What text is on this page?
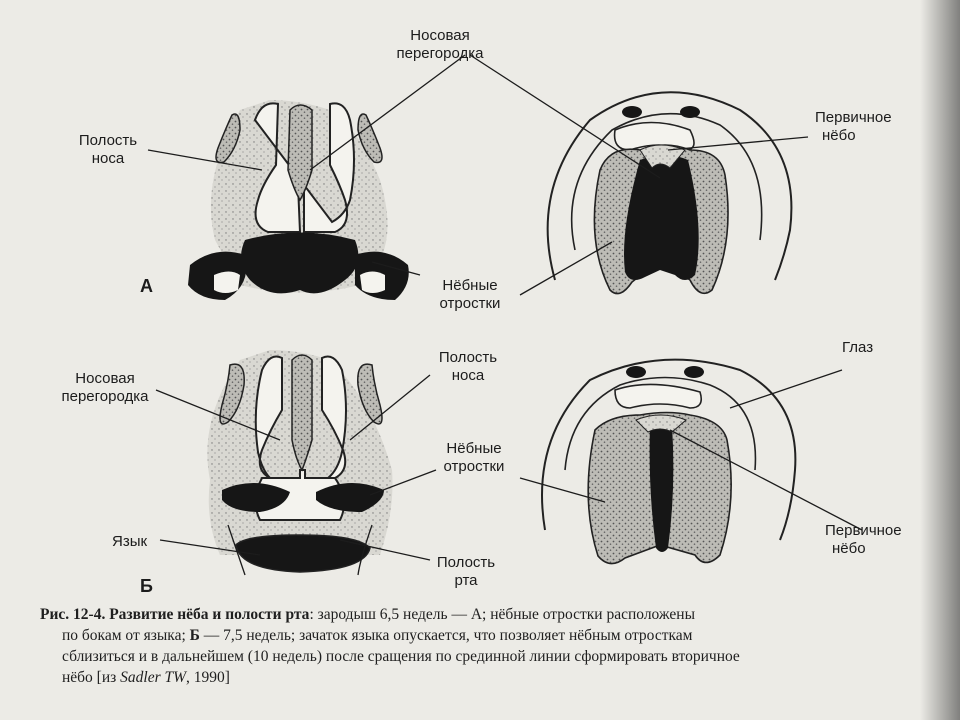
Носовая перегородка
Полость носа
Первичное нёбо
Нёбные отростки
А
Носовая перегородка
Полость носа
Глаз
Нёбные отростки
Язык
Полость рта
Первичное нёбо
Б
Рис. 12-4. Развитие нёба и полости рта: зародыш 6,5 недель — А; нёбные отростки расположены
по бокам от языка; Б — 7,5 недель; зачаток языка опускается, что позволяет нёбным отросткам
сблизиться и в дальнейшем (10 недель) после сращения по срединной линии сформировать вторичное
нёбо [из Sadler TW, 1990]
